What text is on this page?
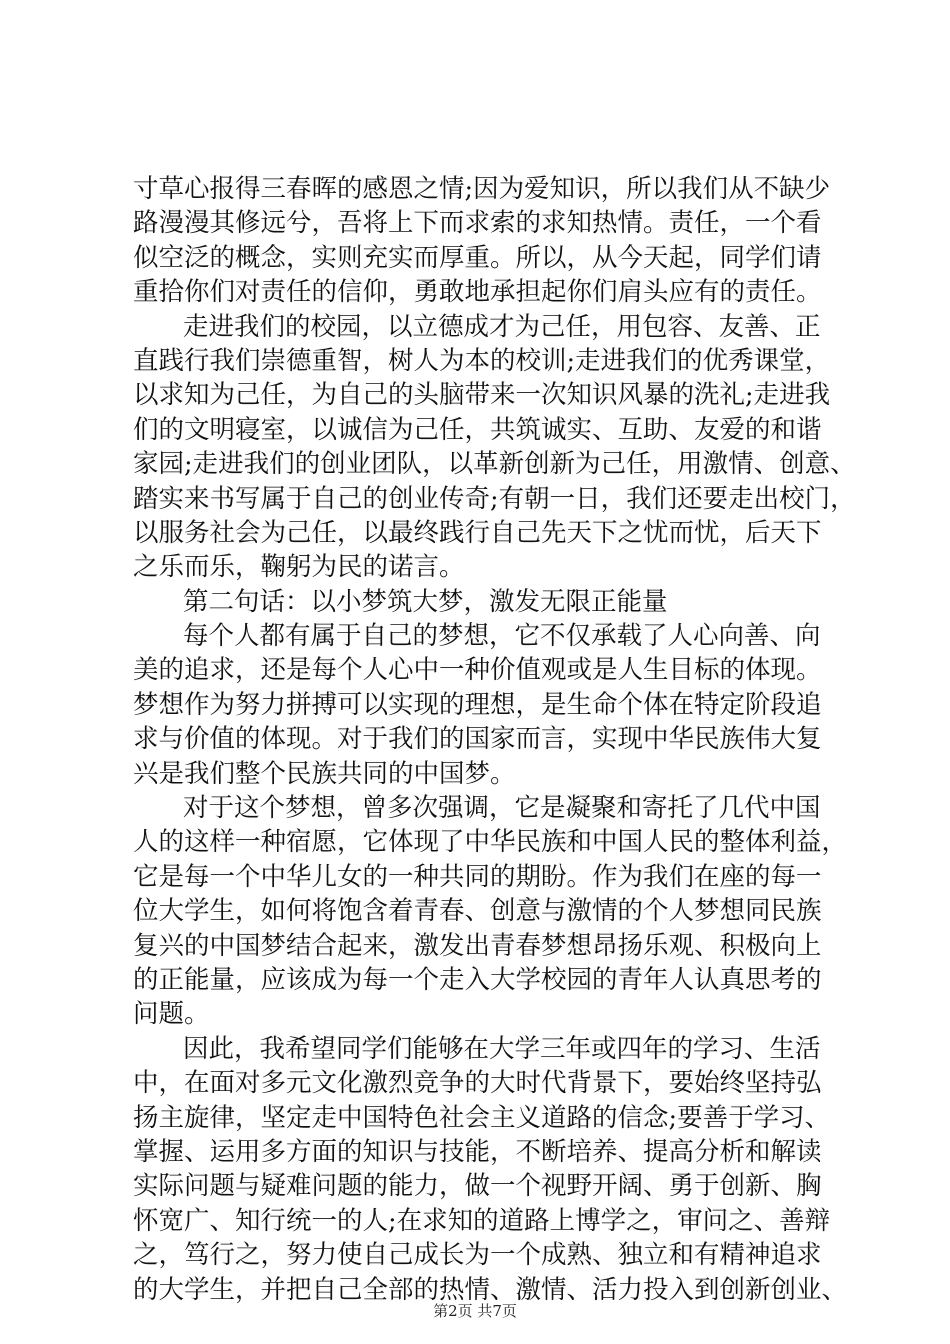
寸草心报得三春晖的感恩之情;因为爱知识，所以我们从不缺少
路漫漫其修远兮，吾将上下而求索的求知热情。责任，一个看
似空泛的概念，实则充实而厚重。所以，从今天起，同学们请
重拾你们对责任的信仰，勇敢地承担起你们肩头应有的责任。
走进我们的校园，以立德成才为己任，用包容、友善、正
直践行我们崇德重智，树人为本的校训;走进我们的优秀课堂，
以求知为己任，为自己的头脑带来一次知识风暴的洗礼;走进我
们的文明寝室，以诚信为己任，共筑诚实、互助、友爱的和谐
家园;走进我们的创业团队，以革新创新为己任，用激情、创意、
踏实来书写属于自己的创业传奇;有朝一日，我们还要走出校门，
以服务社会为己任，以最终践行自己先天下之忧而忧，后天下
之乐而乐，鞠躬为民的诺言。
第二句话：以小梦筑大梦，激发无限正能量
每个人都有属于自己的梦想，它不仅承载了人心向善、向
美的追求，还是每个人心中一种价值观或是人生目标的体现。
梦想作为努力拼搏可以实现的理想，是生命个体在特定阶段追
求与价值的体现。对于我们的国家而言，实现中华民族伟大复
兴是我们整个民族共同的中国梦。
对于这个梦想，曾多次强调，它是凝聚和寄托了几代中国
人的这样一种宿愿，它体现了中华民族和中国人民的整体利益，
它是每一个中华儿女的一种共同的期盼。作为我们在座的每一
位大学生，如何将饱含着青春、创意与激情的个人梦想同民族
复兴的中国梦结合起来，激发出青春梦想昂扬乐观、积极向上
的正能量，应该成为每一个走入大学校园的青年人认真思考的
问题。
因此，我希望同学们能够在大学三年或四年的学习、生活
中，在面对多元文化激烈竞争的大时代背景下，要始终坚持弘
扬主旋律，坚定走中国特色社会主义道路的信念;要善于学习、
掌握、运用多方面的知识与技能，不断培养、提高分析和解读
实际问题与疑难问题的能力，做一个视野开阔、勇于创新、胸
怀宽广、知行统一的人;在求知的道路上博学之，审问之、善辩
之，笃行之，努力使自己成长为一个成熟、独立和有精神追求
的大学生，并把自己全部的热情、激情、活力投入到创新创业、
第2页 共7页
